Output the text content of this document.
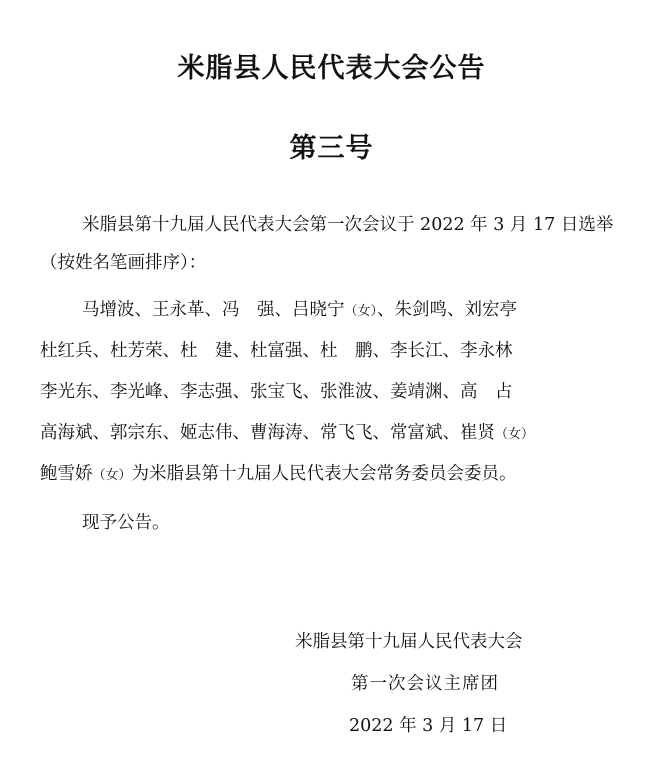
米脂县人民代表大会公告
第三号

米脂县第十九届人民代表大会第一次会议于 2022 年 3 月 17 日选举（按姓名笔画排序）：

马增波、王永革、冯　强、吕晓宁（女）、朱剑鸣、刘宏亭
杜红兵、杜芳荣、杜　建、杜富强、杜　鹏、李长江、李永林
李光东、李光峰、李志强、张宝飞、张淮波、姜靖渊、高　占
高海斌、郭宗东、姬志伟、曹海涛、常飞飞、常富斌、崔贤（女）
鲍雪娇（女）为米脂县第十九届人民代表大会常务委员会委员。

现予公告。

米脂县第十九届人民代表大会

第一次会议主席团

2022 年 3 月 17 日
